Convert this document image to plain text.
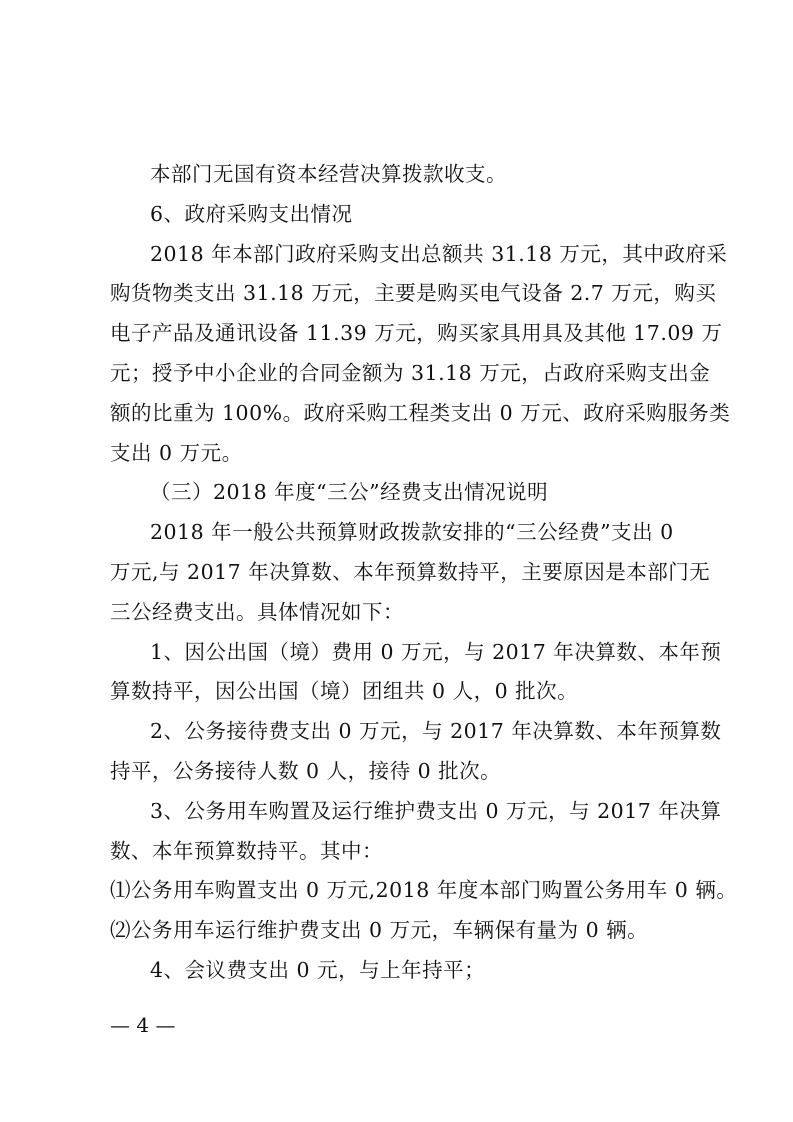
本部门无国有资本经营决算拨款收支。
6、政府采购支出情况
2018 年本部门政府采购支出总额共 31.18 万元，其中政府采
购货物类支出 31.18 万元，主要是购买电气设备 2.7 万元，购买
电子产品及通讯设备 11.39 万元，购买家具用具及其他 17.09 万
元；授予中小企业的合同金额为 31.18 万元，占政府采购支出金
额的比重为 100%。政府采购工程类支出 0 万元、政府采购服务类
支出 0 万元。
（三）2018 年度“三公”经费支出情况说明
2018 年一般公共预算财政拨款安排的“三公经费”支出 0
万元,与 2017 年决算数、本年预算数持平，主要原因是本部门无
三公经费支出。具体情况如下：
1、因公出国（境）费用 0 万元，与 2017 年决算数、本年预
算数持平，因公出国（境）团组共 0 人，0 批次。
2、公务接待费支出 0 万元，与 2017 年决算数、本年预算数
持平，公务接待人数 0 人，接待 0 批次。
3、公务用车购置及运行维护费支出 0 万元，与 2017 年决算
数、本年预算数持平。其中：
⑴公务用车购置支出 0 万元,2018 年度本部门购置公务用车 0 辆。
⑵公务用车运行维护费支出 0 万元，车辆保有量为 0 辆。
4、会议费支出 0 元，与上年持平；
— 4 —
